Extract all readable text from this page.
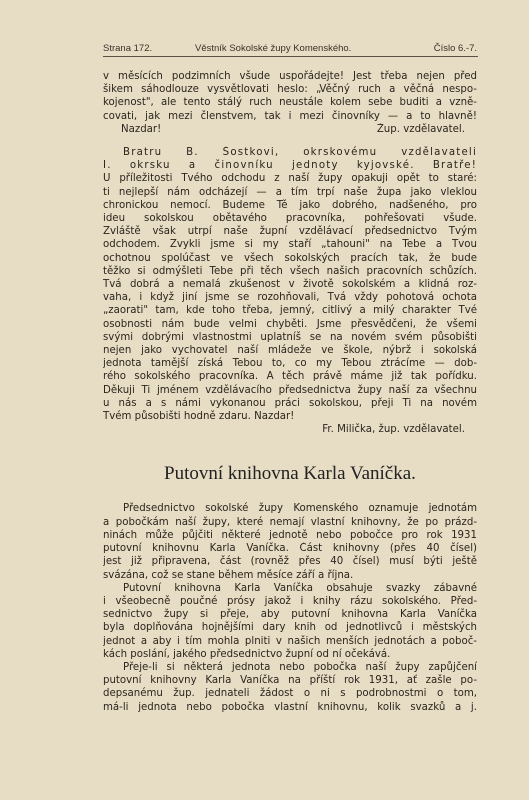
Strana 172.	Věstník Sokolské župy Komenského.	Číslo 6.-7.
v měsících podzimních všude uspořádejte! Jest třeba nejen před
šikem sáhodlouze vysvětlovati heslo: „Věčný ruch a věčná nespo-
kojenost", ale tento stálý ruch neustále kolem sebe buditi a vzně-
covati, jak mezi členstvem, tak i mezi činovníky — a to hlavně!
Nazdar!	Žup. vzdělavatel.
Bratru B. Šostkovi, okrskovému vzdělavateli
I. okrsku a činovníku jednoty kyjovské. Bratře!
U příležitosti Tvého odchodu z naší župy opakuji opět to staré:
ti nejlepší nám odcházejí — a tím trpí naše župa jako vleklou
chronickou nemocí. Budeme Tě jako dobrého, nadšeného, pro
ideu sokolskou obětavého pracovníka, pohřešovati všude.
Zvláště však utrpí naše župní vzdělávací předsednictvo Tvým
odchodem. Zvykli jsme si my staří „tahouni" na Tebe a Tvou
ochotnou spolúčast ve všech sokolských pracích tak, že bude
těžko si odmýšleti Tebe při těch všech našich pracovních schůzích.
Tvá dobrá a nemalá zkušenost v životě sokolském a klidná roz-
vaha, i když jiní jsme se rozohňovali, Tvá vždy pohotová ochota
„zaorati" tam, kde toho třeba, jemný, citlivý a milý charakter Tvé
osobnosti nám bude velmi chyběti. Jsme přesvědčeni, že všemi
svými dobrými vlastnostmi uplatníš se na novém svém působišti
nejen jako vychovatel naší mládeže ve škole, nýbrž i sokolská
jednota tamější získá Tebou to, co my Tebou ztrácíme — dob-
rého sokolského pracovníka. A těch právě máme již tak pořídku.
Děkuji Ti jménem vzdělávacího předsednictva župy naší za všechnu
u nás a s námi vykonanou práci sokolskou, přeji Ti na novém
Tvém působišti hodně zdaru. Nazdar!
Fr. Milička, žup. vzdělavatel.
Putovní knihovna Karla Vaníčka.
Předsednictvo sokolské župy Komenského oznamuje jednotám
a pobočkám naší župy, které nemají vlastní knihovny, že po prázd-
ninách může půjčiti některé jednotě nebo pobočce pro rok 1931
putovní knihovnu Karla Vaníčka. Část knihovny (přes 40 čísel)
jest již připravena, část (rovněž přes 40 čísel) musí býti ještě
svázána, což se stane během měsíce září a října.
Putovní knihovna Karla Vaníčka obsahuje svazky zábavné
i všeobecně poučné prósy jakož i knihy rázu sokolského. Před-
sednictvo župy si přeje, aby putovní knihovna Karla Vaníčka
byla doplňována hojnějšími dary knih od jednotlivců i městských
jednot a aby i tím mohla plniti v našich menších jednotách a poboč-
kách poslání, jakého předsednictvo župní od ní očekává.
Přeje-li si některá jednota nebo pobočka naší župy zapůjčení
putovní knihovny Karla Vaníčka na příští rok 1931, ať zašle po-
depsanému žup. jednateli žádost o ni s podrobnostmi o tom,
má-li jednota nebo pobočka vlastní knihovnu, kolik svazků a j.
